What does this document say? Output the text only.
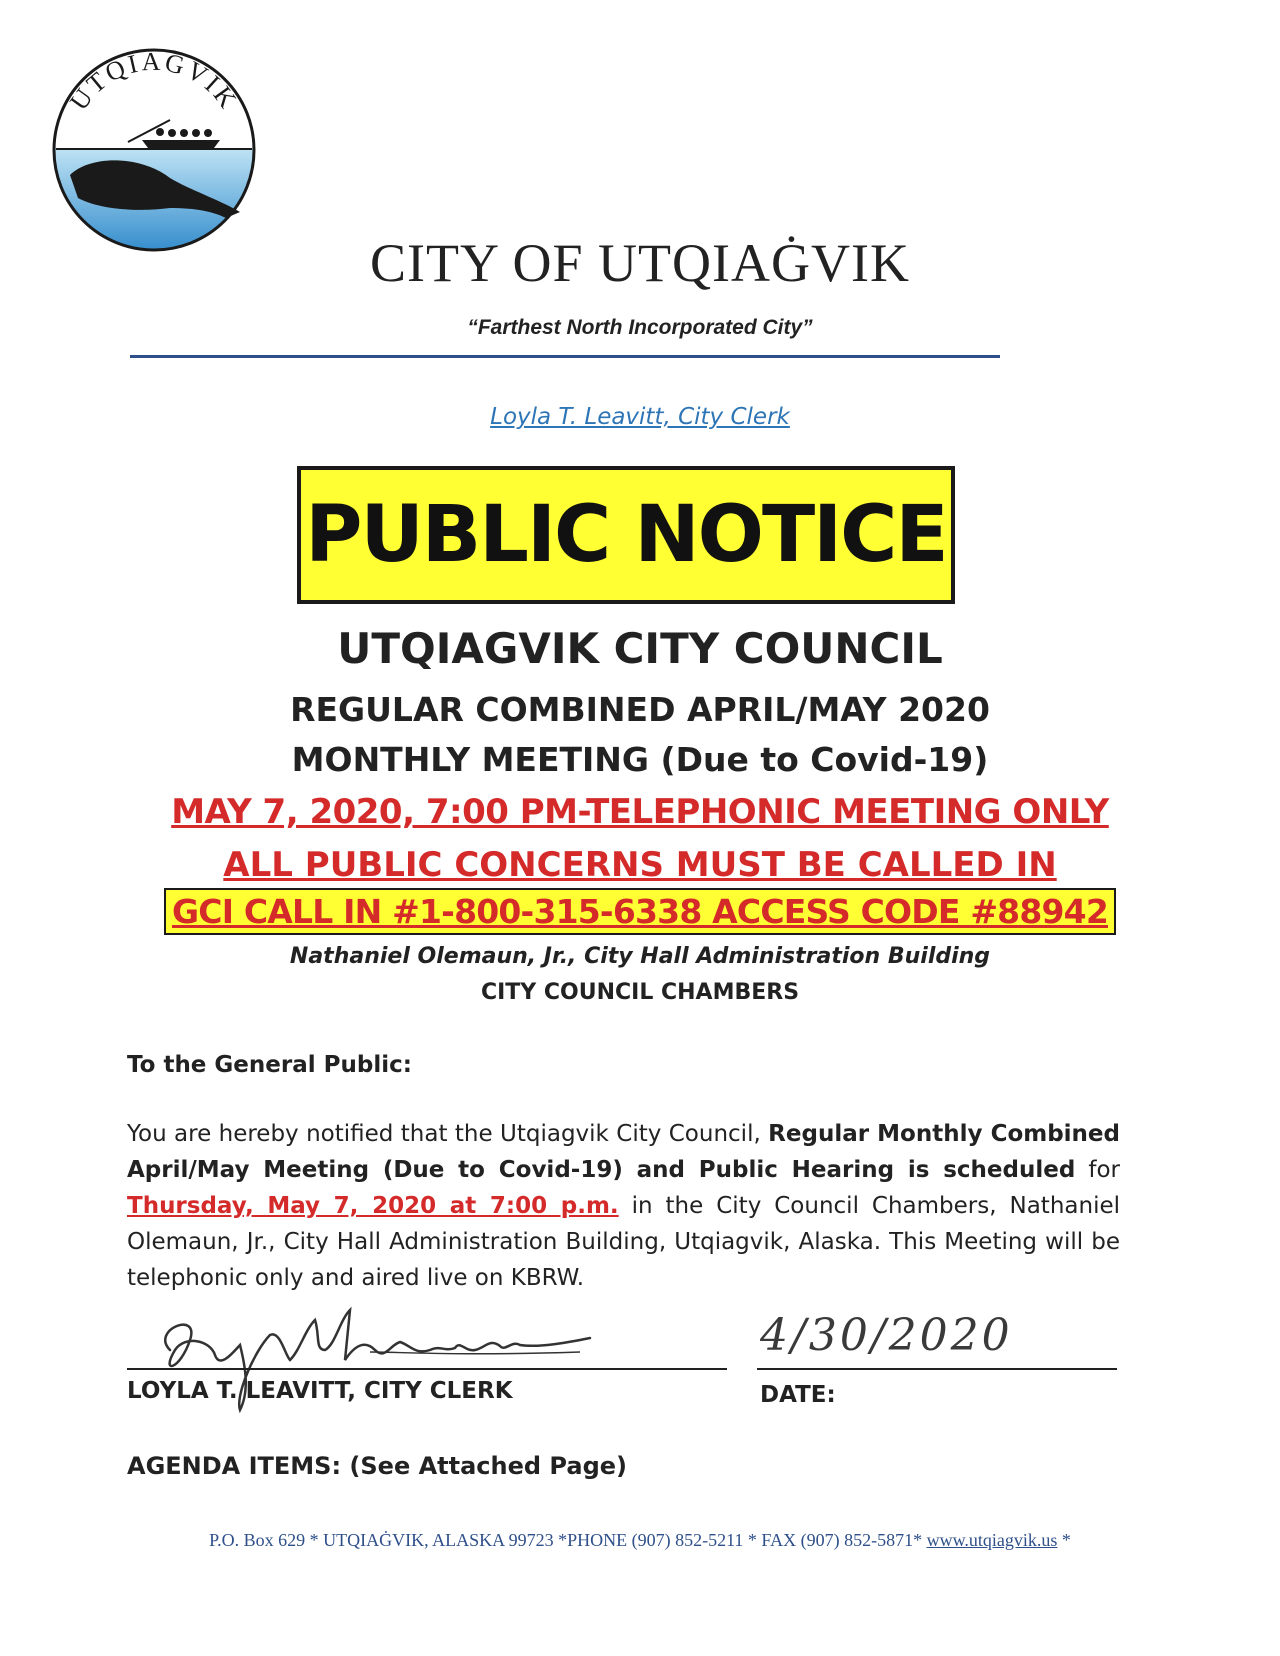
UTQIAĠVIK
CITY OF UTQIAĠVIK
“Farthest North Incorporated City”
Loyla T. Leavitt, City Clerk
PUBLIC NOTICE
UTQIAGVIK CITY COUNCIL
REGULAR COMBINED APRIL/MAY 2020
MONTHLY MEETING (Due to Covid-19)
MAY 7, 2020, 7:00 PM-TELEPHONIC MEETING ONLY
ALL PUBLIC CONCERNS MUST BE CALLED IN
GCI CALL IN #1-800-315-6338 ACCESS CODE #88942
Nathaniel Olemaun, Jr., City Hall Administration Building
CITY COUNCIL CHAMBERS
To the General Public:
You are hereby notified that the Utqiagvik City Council, Regular Monthly Combined April/May Meeting (Due to Covid-19) and Public Hearing is scheduled for Thursday, May 7, 2020 at 7:00 p.m. in the City Council Chambers, Nathaniel Olemaun, Jr., City Hall Administration Building, Utqiagvik, Alaska. This Meeting will be telephonic only and aired live on KBRW.
4/30/2020
LOYLA T. LEAVITT, CITY CLERK	DATE:
AGENDA ITEMS: (See Attached Page)
P.O. Box 629 * UTQIAĠVIK, ALASKA 99723 *PHONE (907) 852-5211 * FAX (907) 852-5871* www.utqiagvik.us *
